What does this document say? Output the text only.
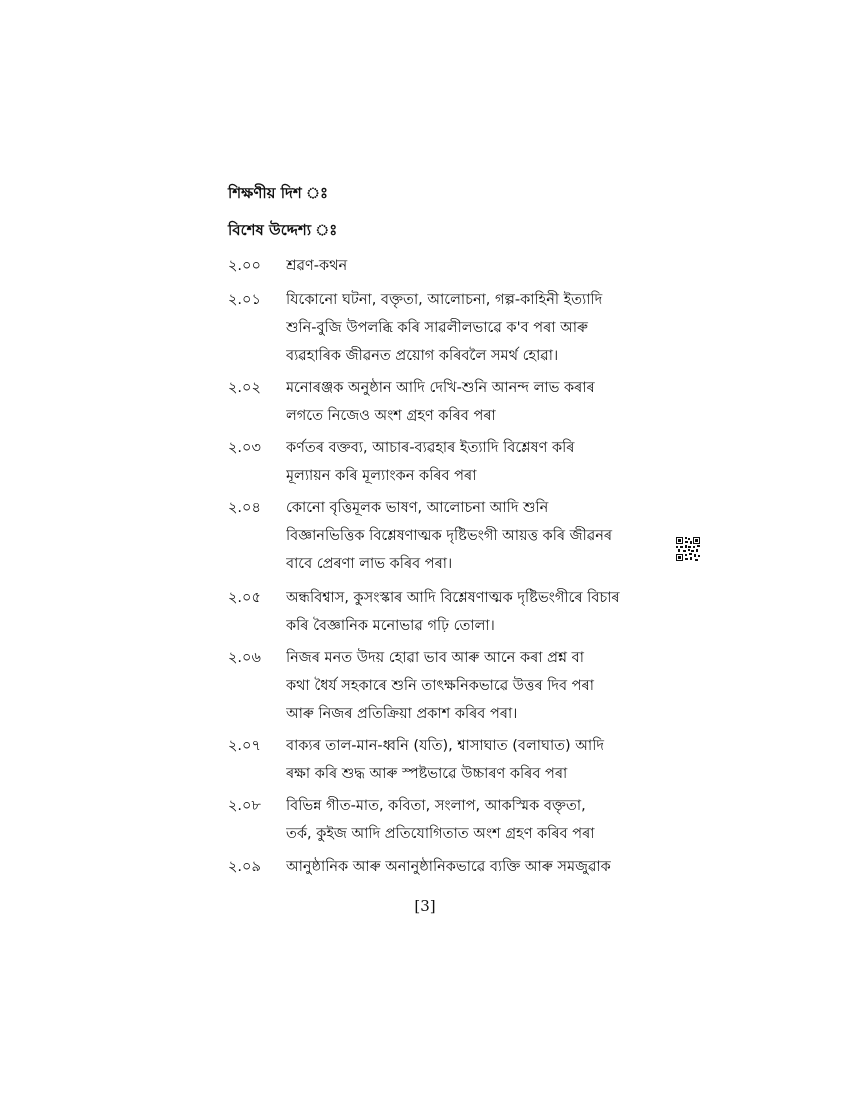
শিক্ষণীয় দিশ ঃ
বিশেষ উদ্দেশ্য ঃ
২.০০	শ্রৱণ-কথন
২.০১	যিকোনো ঘটনা, বক্তৃতা, আলোচনা, গল্প-কাহিনী ইত্যাদি
শুনি-বুজি উপলব্ধি কৰি সাৱলীলভাৱে ক'ব পৰা আৰু
ব্যৱহাৰিক জীৱনত প্ৰয়োগ কৰিবলৈ সমৰ্থ হোৱা।
২.০২	মনোৰঞ্জক অনুষ্ঠান আদি দেখি-শুনি আনন্দ লাভ কৰাৰ
লগতে নিজেও অংশ গ্ৰহণ কৰিব পৰা
২.০৩	কৰ্ণতৰ বক্তব্য, আচাৰ-ব্যৱহাৰ ইত্যাদি বিশ্লেষণ কৰি
মূল্যায়ন কৰি মূল্যাংকন কৰিব পৰা
২.০৪	কোনো বৃত্তিমূলক ভাষণ, আলোচনা আদি শুনি
বিজ্ঞানভিত্তিক বিশ্লেষণাত্মক দৃষ্টিভংগী আয়ত্ত কৰি জীৱনৰ
বাবে প্ৰেৰণা লাভ কৰিব পৰা।
২.০৫	অন্ধবিশ্বাস, কুসংস্কাৰ আদি বিশ্লেষণাত্মক দৃষ্টিভংগীৰে বিচাৰ
কৰি বৈজ্ঞানিক মনোভাৱ গঢ়ি তোলা।
২.০৬	নিজৰ মনত উদয় হোৱা ভাব আৰু আনে কৰা প্ৰশ্ন বা
কথা ধৈৰ্য সহকাৰে শুনি তাৎক্ষনিকভাৱে উত্তৰ দিব পৰা
আৰু নিজৰ প্ৰতিক্ৰিয়া প্ৰকাশ কৰিব পৰা।
২.০৭	বাক্যৰ তাল-মান-ধ্বনি (যতি), শ্বাসাঘাত (বলাঘাত) আদি
ৰক্ষা কৰি শুদ্ধ আৰু স্পষ্টভাৱে উচ্চাৰণ কৰিব পৰা
২.০৮	বিভিন্ন গীত-মাত, কবিতা, সংলাপ, আকস্মিক বক্তৃতা,
তৰ্ক, কুইজ আদি প্ৰতিযোগিতাত অংশ গ্ৰহণ কৰিব পৰা
২.০৯	আনুষ্ঠানিক আৰু অনানুষ্ঠানিকভাৱে ব্যক্তি আৰু সমজুৱাক
[3]
